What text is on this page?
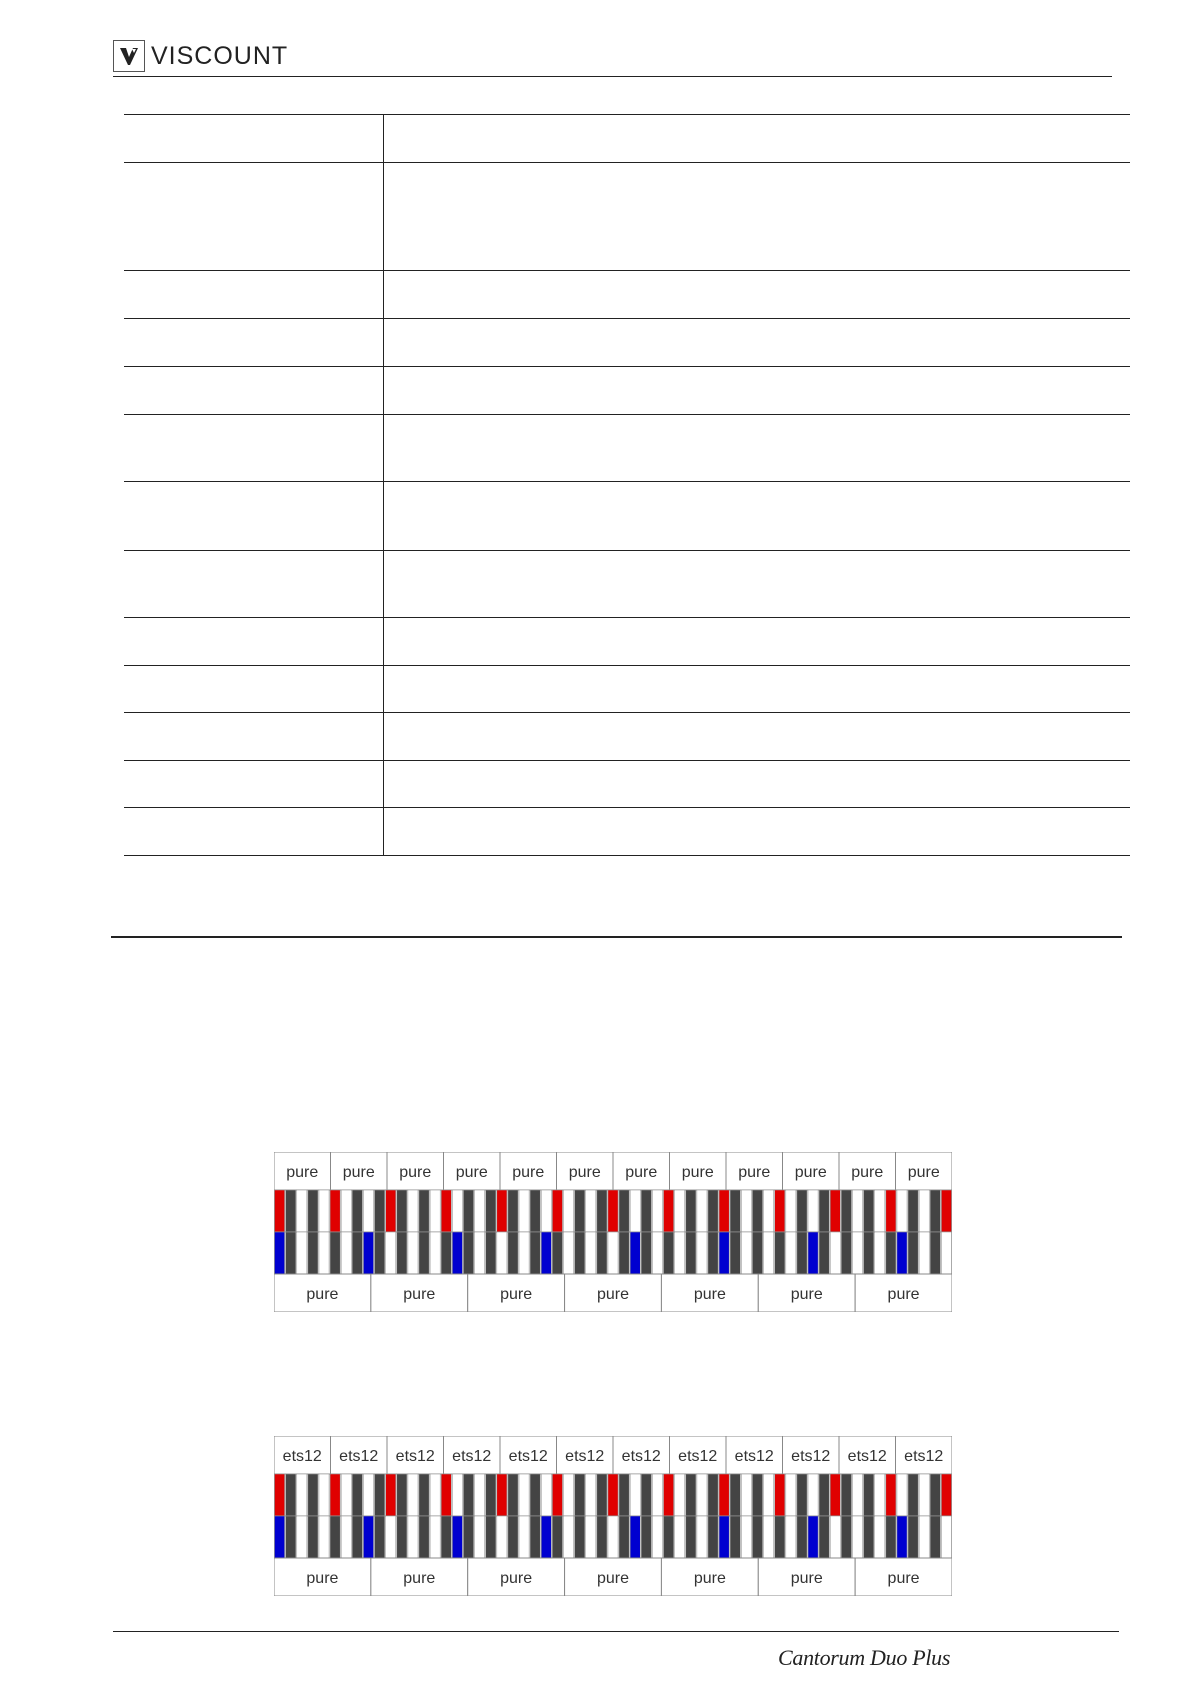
VISCOUNT
pure pure pure pure pure pure pure pure pure pure pure pure
pure	pure	pure	pure	pure	pure	pure
ets12 ets12 ets12 ets12 ets12 ets12 ets12 ets12 ets12 ets12 ets12 ets12
pure	pure	pure	pure	pure	pure	pure
Cantorum Duo Plus
